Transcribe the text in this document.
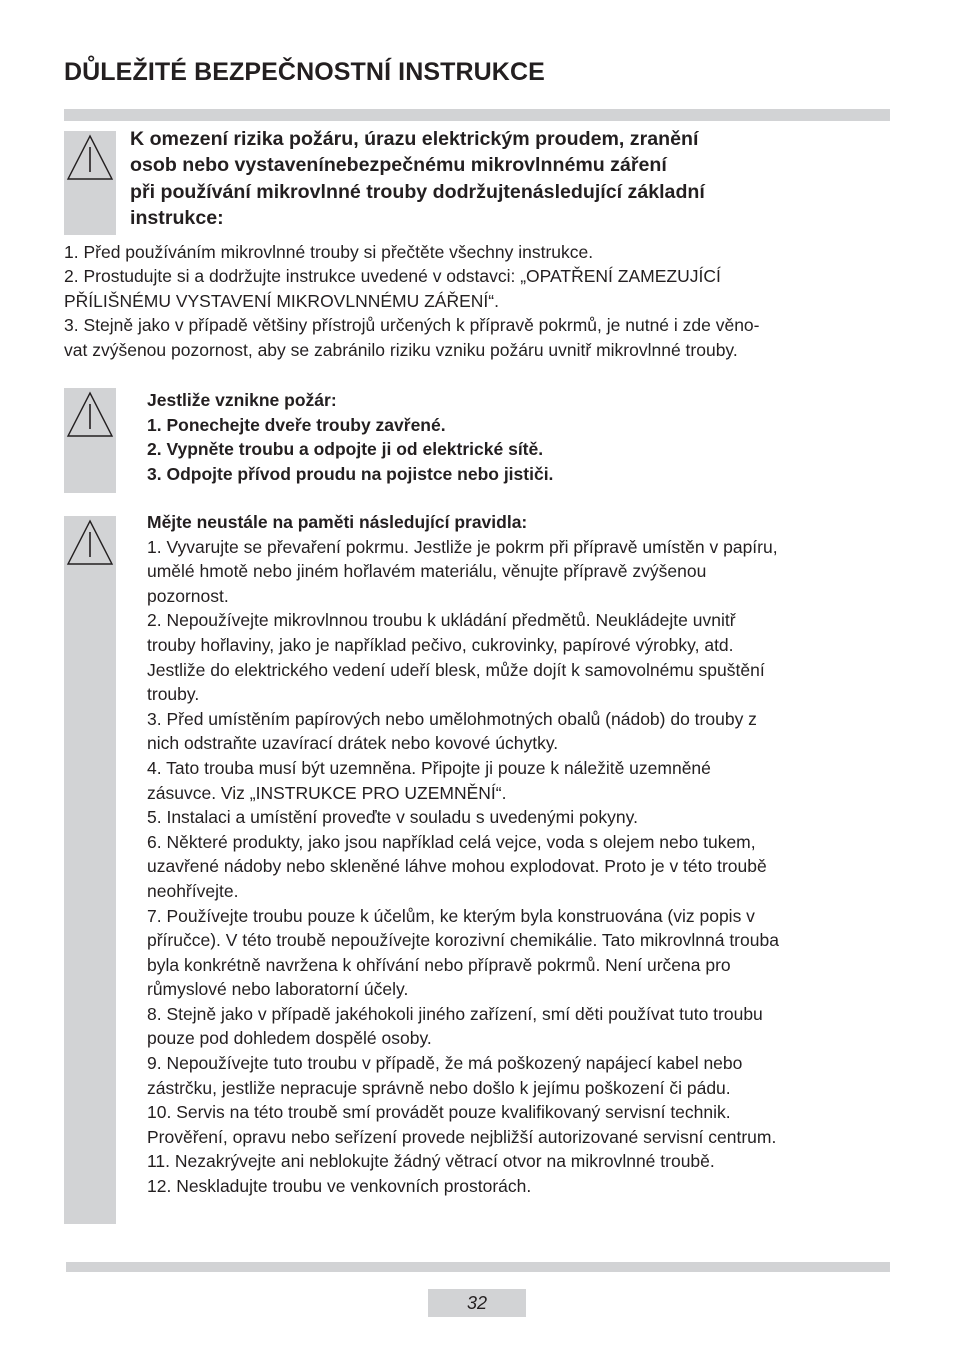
DŮLEŽITÉ BEZPEČNOSTNÍ INSTRUKCE
K omezení rizika požáru, úrazu elektrickým proudem, zranění
osob nebo vystavenínebezpečnému mikrovlnnému záření
při používání mikrovlnné trouby dodržujtenásledující základní
instrukce:
1. Před používáním mikrovlnné trouby si přečtěte všechny instrukce.
2. Prostudujte si a dodržujte instrukce uvedené v odstavci: „OPATŘENÍ ZAMEZUJÍCÍ
PŘÍLIŠNÉMU VYSTAVENÍ MIKROVLNNÉMU ZÁŘENÍ“.
3. Stejně jako v případě většiny přístrojů určených k přípravě pokrmů, je nutné i zde věno-
vat zvýšenou pozornost, aby se zabránilo riziku vzniku požáru uvnitř mikrovlnné trouby.
Jestliže vznikne požár:
1. Ponechejte dveře trouby zavřené.
2. Vypněte troubu a odpojte ji od elektrické sítě.
3. Odpojte přívod proudu na pojistce nebo jističi.
Mějte neustále na paměti následující pravidla:
1. Vyvarujte se převaření pokrmu. Jestliže je pokrm při přípravě umístěn v papíru,
umělé hmotě nebo jiném hořlavém materiálu, věnujte přípravě zvýšenou
pozornost.
2. Nepoužívejte mikrovlnnou troubu k ukládání předmětů. Neukládejte uvnitř
trouby hořlaviny, jako je například pečivo, cukrovinky, papírové výrobky, atd.
Jestliže do elektrického vedení udeří blesk, může dojít k samovolnému spuštění
trouby.
3. Před umístěním papírových nebo umělohmotných obalů (nádob) do trouby z
nich odstraňte uzavírací drátek nebo kovové úchytky.
4. Tato trouba musí být uzemněna. Připojte ji pouze k náležitě uzemněné
zásuvce. Viz „INSTRUKCE PRO UZEMNĚNÍ“.
5. Instalaci a umístění proveďte v souladu s uvedenými pokyny.
6. Některé produkty, jako jsou například celá vejce, voda s olejem nebo tukem,
uzavřené nádoby nebo skleněné láhve mohou explodovat. Proto je v této troubě
neohřívejte.
7. Používejte troubu pouze k účelům, ke kterým byla konstruována (viz popis v
příručce). V této troubě nepoužívejte korozivní chemikálie. Tato mikrovlnná trouba
byla konkrétně navržena k ohřívání nebo přípravě pokrmů. Není určena pro
růmyslové nebo laboratorní účely.
8. Stejně jako v případě jakéhokoli jiného zařízení, smí děti používat tuto troubu
pouze pod dohledem dospělé osoby.
9. Nepoužívejte tuto troubu v případě, že má poškozený napájecí kabel nebo
zástrčku, jestliže nepracuje správně nebo došlo k jejímu poškození či pádu.
10. Servis na této troubě smí provádět pouze kvalifikovaný servisní technik.
Prověření, opravu nebo seřízení provede nejbližší autorizované servisní centrum.
11. Nezakrývejte ani neblokujte žádný větrací otvor na mikrovlnné troubě.
12. Neskladujte troubu ve venkovních prostorách.
32
